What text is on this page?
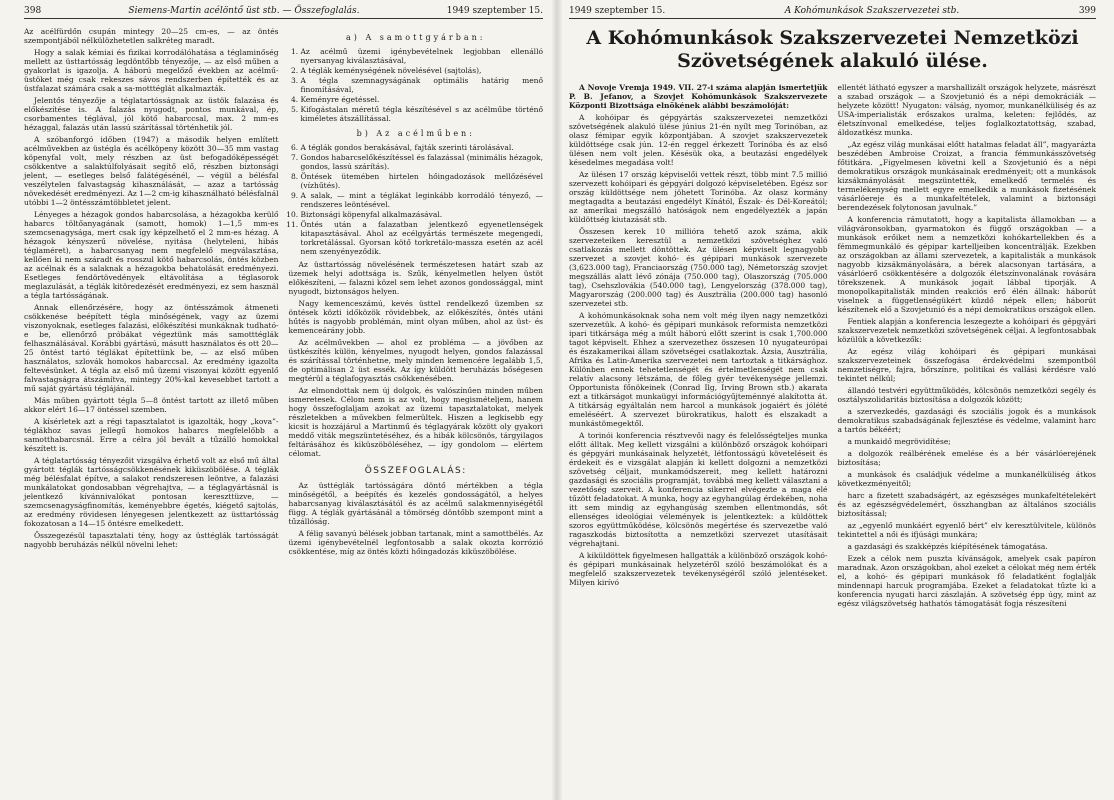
398	Siemens-Martin acélöntő üst stb. — Összefoglalás.	1949 szeptember 15.

Az acélfürdőn csupán mintegy 20—25 cm-es, — az öntés szempontjából nélkülözhetetlen salkréteg maradt.

Hogy a salak kémiai és fizikai korrodálóhatása a téglaminőség mellett az üsttartósság legdöntőbb tényezője, — az első műben a gyakorlat is igazolja. A háború megelőző években az acélmű-üstöket még csak rekeszes sávos rendszerben építették és az üstfalazat számára csak a sa-motttéglát alkalmazták.

Jelentős tényezője a téglatartósságnak az üstök falazása és előkészítése is. A falazás nyugodt, pontos munkával, ép, csorbamentes téglával, jól kötő habarccsal, max. 2 mm-es hézaggal, falazás után lassú szárítással történhetik jól.

A szóbanforgó időben (1947) a második helyen említett acélművekben az üstégla és acélköpeny között 30—35 mm vastag köpenyfal volt, mely részben az üst befogadóképességét csökkentve a salaktúlfolyásait segítő elő, részben biztonsági jelent, — esetleges belső falátégésénél, — végül a bélésfal veszélytelen falvastagság kihasználását, — azaz a tartósság növekedését eredményezi. Az 1—2 cm-ig kihasználható bélésfalnál utóbbi 1—2 öntésszámtöbbletet jelent.

Lényeges a hézagok gondos habarcsolása, a hézagokba kerülő habarcs töltőanyagának (samott, homok) 1—1,5 mm-es szemcsenagysága, mert csak így képzelhető el 2 mm-es hézag. A hézagok kényszerű növelése, nyitása (helyteleni, hibás téglaméret), a habarcsanyag nem megfelelő megválasztása, kellően ki nem száradt és rosszul kötő habarcsolás, öntés közben az acélnak és a salaknak a hézagokba behatolását eredményezi. Esetleges fendörtövedények eltávolítása a téglasorok meglazulását, a téglák kitöredezését eredményezi, ez sem használ a tégla tartósságának.

Annak ellenőrzésére, hogy az öntésszámok átmeneti csökkenése beépített tégla minőségének, vagy az üzemi viszonyoknak, esetleges falazási, előkészítési munkáknak tudható-e be, ellenőrző próbákat végeztünk más samotttéglák felhasználásával. Korábbi gyártású, másutt használatos és ott 20—25 öntést tartó téglákat építettünk be, — az első műben használatos, szlovák homokos habarccsal. Az eredmény igazolta feltevésünket. A tégla az első mű üzemi viszonyai között egyenlő falvastagságra átszámítva, mintegy 20%-kal kevesebbet tartott a mű saját gyártású téglájánál.

Más műben gyártott tégla 5—8 öntést tartott az illető műben akkor elért 16—17 öntéssel szemben.

A kísérletek azt a régi tapasztalatot is igazolták, hogy „kova”-téglákhoz savas jellegű homokos habarcs megfelelőbb a samotthabarcsnál. Erre a célra jól bevált a tűzálló homokkal készített is.

A téglatartósság tényezőit vizsgálva érhető volt az első mű által gyártott téglák tartósságcsökkenésének kiküszöbölése. A téglák még bélésfalat építve, a salakot rendszeresen leöntve, a falazási munkálatokat gondosabban végrehajtva, — a téglagyártásnál is jelentkező kívánnivalókat pontosan kereszttüzve, — szemcsenagyságfinomítás, keményebbre égetés, kiégető sajtolás, az eredmény rövidesen lényegesen jelentkezett az üsttartósság fokozatosan a 14—15 öntésre emelkedett.

Összegezésül tapasztalati tény, hogy az üsttéglák tartósságát nagyobb beruházás nélkül növelni lehet:

a) A samottgyárban:
1. Az acélmű üzemi igénybevételnek legjobban ellenálló nyersanyag kiválasztásával,
2. A téglák keménységének növelésével (sajtolás),
3. A tégla szemnagyságának optimális határig menő finomításával,
4. Keményre égetéssel.
5. Kifogástalan méretű tégla készítésével s az acélműbe történő kiméletes átszállítással.
b) Az acélműben:
6. A téglák gondos berakásával, fajták szerinti tárolásával.
7. Gondos habarcselőkészítéssel és falazással (minimális hézagok, gondos, lassú szárítás).
8. Öntések ütemében hirtelen hőingadozások mellőzésével (vízhűtés).
9. A salak, — mint a téglákat leginkább korrodáló tényező, — rendszeres leöntésével.
10. Biztonsági köpenyfal alkalmazásával.
11. Öntés után a falazatban jelentkező egyenetlenségek kitapasztásával. Ahol az ecélgyártás természete megengedi, torkretálással. Gyorsan kötő torkretálo-massza esetén az acél nem szenyényeződik.

Az üsttartósság növelésének természetesen határt szab az üzemek helyi adottsága is. Szűk, kényelmetlen helyen üstöt előkészíteni, — falazni közel sem lehet azonos gondossággal, mint nyugodt, biztonságos helyen.

Nagy kemenceszámú, kevés üsttel rendelkező üzemben sz öntések közti időközök rövidebbek, az előkészítés, öntés utáni hűtés is nagyobb problémán, mint olyan műben, ahol az üst- és kemenceárány jobb.

Az acélművekben — ahol ez probléma — a jövőben az üstkészítés külön, kényelmes, nyugodt helyen, gondos falazással és szárítással történhetne, mely minden kemencére legalább 1,5, de optimálisan 2 üst essék. Az így küldött beruházás bőségesen megtérül a téglafogyasztás csökkenésében.

Az elmondottak nem új dolgok, és valószínűen minden műben ismeretesek. Célom nem is az volt, hogy megismételjem, hanem hogy összefoglaljam azokat az üzemi tapasztalatokat, melyek részletekben a művekben felmerültek. Hiszen a legkisebb egy kicsit is hozzájárul a Martinmű és téglagyárak között oly gyakori meddő viták megszüntetéséhez, és a hibák kölcsönös, tárgyilagos feltárásához és kiküszöböléséhez, — így gondolom — elértem célomat.

ÖSSZEFOGLALÁS:

Az üsttéglák tartósságára döntő mértékben a tégla minőségétől, a beépítés és kezelés gondosságától, a helyes habarcsanyag kiválasztásától és az acélmű salakmennyiségétől függ. A téglák gyártásánál a tömörség döntőbb szempont mint a tűzállóság.

A félig savanyú bélések jobban tartanak, mint a samottbélés. Az üzemi igénybevételnél legfontosabb a salak okozta korrózió csökkentése, míg az öntés közti hőingadozás kiküszöbölése.

1949 szeptember 15.	A Kohómunkások Szakszervezetei stb.	399
A Kohómunkások Szakszervezetei Nemzetközi
Szövetségének alakuló ülése.

A Novoje Vremja 1949. VII. 27-i száma alapján ismertetjük P. B. Jefanov, a Szovjet Kohómunkások Szakszervezete Központi Bizottsága elnökének alábbi beszámolóját:

A kohóipar és gépgyártás szakszervezetei nemzetközi szövetségének alakuló ülése június 21-én nyílt meg Torinóban, az olasz fémipar egyik központjában. A szovjet szakszervezetek küldöttsége csak jún. 12-én reggel érkezett Torinóba és az első ülésen nem volt jelen. Késésük oka, a beutazási engedélyek késedelmes megadása volt!

Az ülésen 17 ország képviselői vettek részt, több mint 7.5 millió szervezett kohóipari és gépgyári dolgozó képviseletében. Egész sor ország küldöttsége nem jöhetett Torinóba. Az olasz kormány megtagadta a beutazási engedélyt Kínától, Észak- és Dél-Koreától; az amerikai megszálló hatóságok nem engedélyezték a japán küldöttség kiutazását stb.

Összesen kerek 10 millióra tehető azok száma, akik szervezeteiken keresztül a nemzetközi szövetséghez való csatlakozás mellett döntöttek. Az ülésen képviselt legnagyobb szervezet a szovjet kohó- és gépipari munkások szervezete (3,623.000 tag), Franciaország (750.000 tag), Németország szovjet megszállás alatt lévő zónája (750.000 tag), Olaszország (705.000 tag), Csehszlovákia (540.000 tag), Lengyelország (378.000 tag), Magyarország (200.000 tag) és Ausztrália (200.000 tag) hasonló szervezetei stb.

A kohómunkásoknak soha nem volt még ilyen nagy nemzetközi szervezetük. A kohó- és gépipari munkások reformista nemzetközi ipari titkársága még a múlt háború előtt szerint is csak 1,700.000 tagot képviselt. Ehhez a szervezethez összesen 10 nyugateurópai és északamerikai állam szövetségei csatlakoztak. Ázsia, Ausztrália, Afrika és Latin-Amerika szervezetei nem tartoztak a titkársághoz. Különben ennek tehetetlenségét és értelmetlenségét nem csak relatív alacsony létszáma, de főleg gyér tevékenysége jellemzi. Opportunista főnökeinek (Conrad Ilg, Irving Brown stb.) akarata ezt a titkárságot munkaügyi információgyűjteménnyé alakította át. A titkárság egyáltalán nem harcol a munkások jogaiért és jólété emeléséért. A szervezet bürokratikus, halott és elszakadt a munkástömegektől.

A torinói konferencia résztvevői nagy és felelősségteljes munka előtt álltak. Meg kellett vizsgálni a különböző országok kohóipari és gépgyári munkásainak helyzetét, létfontosságú követeléseit és érdekeit és e vizsgálat alapján ki kellett dolgozni a nemzetközi szövetség céljait, munkamódszereit, meg kellett határozni gazdasági és szociális programját, továbbá meg kellett választani a vezetőség szerveit. A konferencia sikerrel elvégezte a maga elé tűzött feladatokat. A munka, hogy az egyhangúlag érdekében, noha itt sem mindig az egyhangúság szemben ellentmondás, sőt ellenséges ideológiai vélemények is jelentkeztek: a küldöttek szoros együttműködése, kölcsönös megértése és szervezetbe való ragaszkodás biztosította a nemzetközi szervezet utasításait végrehajtani.

A kiküldöttek figyelmesen hallgatták a különböző országok kohó- és gépipari munkásainak helyzetéről szóló beszámolókat és a megfelelő szakszervezetek tevékenységéről szóló jelentéseket. Milyen kirívó

ellentét látható egyszer a marshallizált országok helyzete, másrészt a szabad országok — a Szovjetunió és a népi demokráciák — helyzete között! Nyugaton: válság, nyomor, munkanélküliség és az USA-imperialisták erőszakos uralma, keleten: fejlődés, az életszínvonal emelkedése, teljes foglalkoztatottság, szabad, áldozatkész munka.

„Az egész világ munkásai előtt hatalmas feladat áll”, magyarázta beszédében Ambroise Croizat, a francia fémmunkásszövetség főtitkára. „Figyelmesen követni kell a Szovjetunió és a népi demokratikus országok munkásainak eredményeit; ott a munkások kizsákmányolását megszüntették, emelkedő termelés és termelékenység mellett egyre emelkedik a munkások fizetésének vásárlóereje és a munkafeltételek, valamint a biztonsági berendezések folytonosan javulnak.”

A konferencia rámutatott, hogy a kapitalista államokban — a világváronsokban, gyarmatokon és függő országokban — a munkások erőiket nem a nemzetközi kohókartellekben és a fémmegmunkáló és gépipar kartelljeiben koncentrálják. Ezekben az országokban az állami szervezetek, a kapitalisták a munkások nagyobb kizsákmányolására, a bérek alacsonyan tartására, a vásárlóerő csökkentésére a dolgozók életszínvonalának rovására törekszenek. A munkások jogait lábbal tiporják. A monopolkapitalisták minden reakciós erő élén állnak: háborút viselnek a függetlenségükért küzdő népek ellen; háborút készítenek elő a Szovjetunió és a népi demokratikus országok ellen.

Fentiek alapján a konferencia leszegezte a kohóipari és gépgyári szakszervezetek nemzetközi szövetségének céljai. A legfontosabbak közülük a következők:

Az egész világ kohóipari és gépipari munkásai szakszervezeteinek összefogása érdekvédelmi szempontból nemzetiségre, fajra, bőrszínre, politikai és vallási kérdésre való tekintet nélkül;

állandó testvéri együttműködés, kölcsönös nemzetközi segély és osztályszolidaritás biztosítása a dolgozók között;

a szervezkedés, gazdasági és szociális jogok és a munkások demokratikus szabadságának fejlesztése és védelme, valamint harc a tartós békéért;

a munkaidő megrövidítése;

a dolgozók reálbérének emelése és a bér vásárlóerejének biztosítása;

a munkások és családjuk védelme a munkanélküliség átkos következményeitől;

harc a fizetett szabadságért, az egészséges munkafeltételekért és az egészségvédelemért, összhangban az általános szociális biztosítással;

az „egyenlő munkáért egyenlő bért” elv keresztülvitele, különös tekintettel a női és ifjúsági munkára;

a gazdasági és szakképzés kiépítésének támogatása.

Ezek a célok nem puszta kívánságok, amelyek csak papíron maradnak. Azon országokban, ahol ezeket a célokat még nem érték el, a kohó- és gépipari munkások fő feladatként foglalják mindennapi harcuk programjába. Ezeket a feladatokat tűzte ki a konferencia nyugati harci zászlaján. A szövetség épp úgy, mint az egész világszövetség hathatós támogatását fogja részesíteni
